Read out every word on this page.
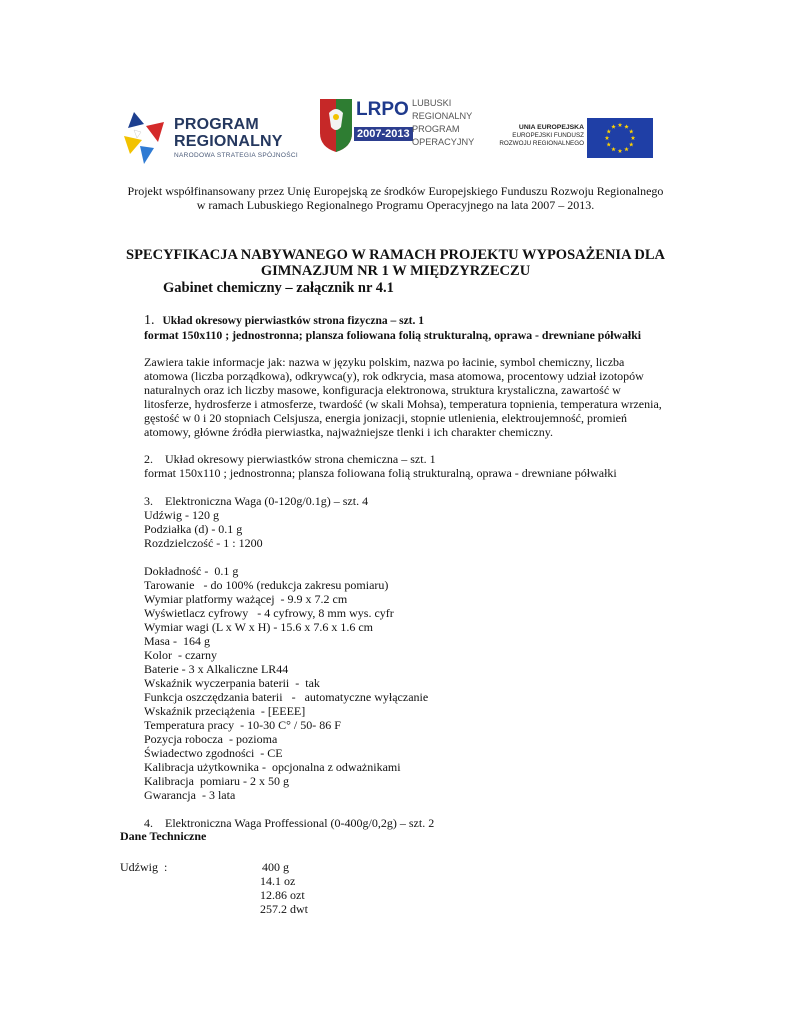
PROGRAM
REGIONALNY
NARODOWA STRATEGIA SPÓJNOŚCI
LRPO
2007-2013
LUBUSKI
REGIONALNY
PROGRAM
OPERACYJNY
UNIA EUROPEJSKA
EUROPEJSKI FUNDUSZ
ROZWOJU REGIONALNEGO
Projekt współfinansowany przez Unię Europejską ze środków Europejskiego Funduszu Rozwoju Regionalnego
w ramach Lubuskiego Regionalnego Programu Operacyjnego na lata 2007 – 2013.
SPECYFIKACJA NABYWANEGO W RAMACH PROJEKTU WYPOSAŻENIA DLA
GIMNAZJUM NR 1 W MIĘDZYRZECZU
Gabinet chemiczny – załącznik nr 4.1
1. Układ okresowy pierwiastków strona fizyczna – szt. 1
format 150x110 ; jednostronna; plansza foliowana folią strukturalną, oprawa - drewniane półwałki
Zawiera takie informacje jak: nazwa w języku polskim, nazwa po łacinie, symbol chemiczny, liczba
atomowa (liczba porządkowa), odkrywca(y), rok odkrycia, masa atomowa, procentowy udział izotopów
naturalnych oraz ich liczby masowe, konfiguracja elektronowa, struktura krystaliczna, zawartość w
litosferze, hydrosferze i atmosferze, twardość (w skali Mohsa), temperatura topnienia, temperatura wrzenia,
gęstość w 0 i 20 stopniach Celsjusza, energia jonizacji, stopnie utlenienia, elektroujemność, promień
atomowy, główne źródła pierwiastka, najważniejsze tlenki i ich charakter chemiczny.
2.    Układ okresowy pierwiastków strona chemiczna – szt. 1
format 150x110 ; jednostronna; plansza foliowana folią strukturalną, oprawa - drewniane półwałki
3.    Elektroniczna Waga (0-120g/0.1g) – szt. 4
Udźwig - 120 g
Podziałka (d) - 0.1 g
Rozdzielczość - 1 : 1200
Dokładność -  0.1 g
Tarowanie   - do 100% (redukcja zakresu pomiaru)
Wymiar platformy ważącej  - 9.9 x 7.2 cm
Wyświetlacz cyfrowy   - 4 cyfrowy, 8 mm wys. cyfr
Wymiar wagi (L x W x H) - 15.6 x 7.6 x 1.6 cm
Masa -  164 g
Kolor  - czarny
Baterie - 3 x Alkaliczne LR44
Wskaźnik wyczerpania baterii  -  tak
Funkcja oszczędzania baterii   -   automatyczne wyłączanie
Wskaźnik przeciążenia  - [EEEE]
Temperatura pracy  - 10-30 C° / 50- 86 F
Pozycja robocza  - pozioma
Świadectwo zgodności  - CE
Kalibracja użytkownika -  opcjonalna z odważnikami
Kalibracja  pomiaru - 2 x 50 g
Gwarancja  - 3 lata
4.    Elektroniczna Waga Proffessional (0-400g/0,2g) – szt. 2
Dane Techniczne
Udźwig  :	400 g
14.1 oz
12.86 ozt
257.2 dwt
